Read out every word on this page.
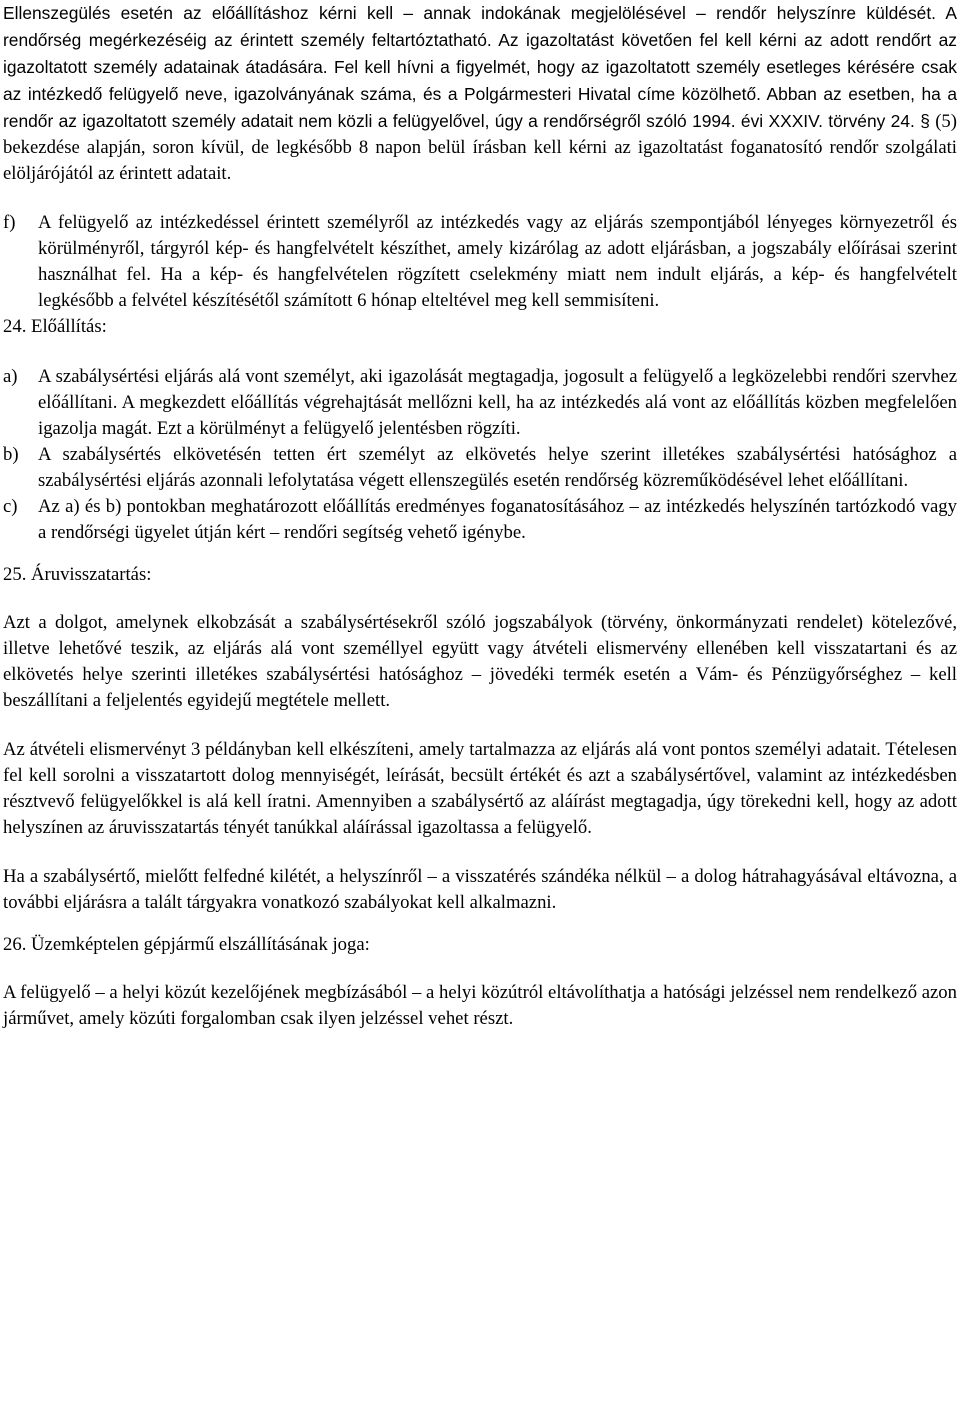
Ellenszegülés esetén az előállításhoz kérni kell – annak indokának megjelölésével – rendőr helyszínre küldését. A rendőrség megérkezéséig az érintett személy feltartóztatható. Az igazoltatást követően fel kell kérni az adott rendőrt az igazoltatott személy adatainak átadására. Fel kell hívni a figyelmét, hogy az igazoltatott személy esetleges kérésére csak az intézkedő felügyelő neve, igazolványának száma, és a Polgármesteri Hivatal címe közölhető. Abban az esetben, ha a rendőr az igazoltatott személy adatait nem közli a felügyelővel, úgy a rendőrségről szóló 1994. évi XXXIV. törvény 24. § (5) bekezdése alapján, soron kívül, de legkésőbb 8 napon belül írásban kell kérni az igazoltatást foganatosító rendőr szolgálati elöljárójától az érintett adatait.

f)	A felügyelő az intézkedéssel érintett személyről az intézkedés vagy az eljárás szempontjából lényeges környezetről és körülményről, tárgyról kép- és hangfelvételt készíthet, amely kizárólag az adott eljárásban, a jogszabály előírásai szerint használhat fel. Ha a kép- és hangfelvételen rögzített cselekmény miatt nem indult eljárás, a kép- és hangfelvételt legkésőbb a felvétel készítésétől számított 6 hónap elteltével meg kell semmisíteni.

24. Előállítás:

a)	A szabálysértési eljárás alá vont személyt, aki igazolását megtagadja, jogosult a felügyelő a legközelebbi rendőri szervhez előállítani. A megkezdett előállítás végrehajtását mellőzni kell, ha az intézkedés alá vont az előállítás közben megfelelően igazolja magát. Ezt a körülményt a felügyelő jelentésben rögzíti.
b)	A szabálysértés elkövetésén tetten ért személyt az elkövetés helye szerint illetékes szabálysértési hatósághoz a szabálysértési eljárás azonnali lefolytatása végett ellenszegülés esetén rendőrség közreműködésével lehet előállítani.
c)	Az a) és b) pontokban meghatározott előállítás eredményes foganatosításához – az intézkedés helyszínén tartózkodó vagy a rendőrségi ügyelet útján kért – rendőri segítség vehető igénybe.

25. Áruvisszatartás:

Azt a dolgot, amelynek elkobzását a szabálysértésekről szóló jogszabályok (törvény, önkormányzati rendelet) kötelezővé, illetve lehetővé teszik, az eljárás alá vont személlyel együtt vagy átvételi elismervény ellenében kell visszatartani és az elkövetés helye szerinti illetékes szabálysértési hatósághoz – jövedéki termék esetén a Vám- és Pénzügyőrséghez – kell beszállítani a feljelentés egyidejű megtétele mellett.

Az átvételi elismervényt 3 példányban kell elkészíteni, amely tartalmazza az eljárás alá vont pontos személyi adatait. Tételesen fel kell sorolni a visszatartott dolog mennyiségét, leírását, becsült értékét és azt a szabálysértővel, valamint az intézkedésben résztvevő felügyelőkkel is alá kell íratni. Amennyiben a szabálysértő az aláírást megtagadja, úgy törekedni kell, hogy az adott helyszínen az áruvisszatartás tényét tanúkkal aláírással igazoltassa a felügyelő.

Ha a szabálysértő, mielőtt felfedné kilétét, a helyszínről – a visszatérés szándéka nélkül – a dolog hátrahagyásával eltávozna, a további eljárásra a talált tárgyakra vonatkozó szabályokat kell alkalmazni.

26. Üzemképtelen gépjármű elszállításának joga:

A felügyelő – a helyi közút kezelőjének megbízásából – a helyi közútról eltávolíthatja a hatósági jelzéssel nem rendelkező azon járművet, amely közúti forgalomban csak ilyen jelzéssel vehet részt.
